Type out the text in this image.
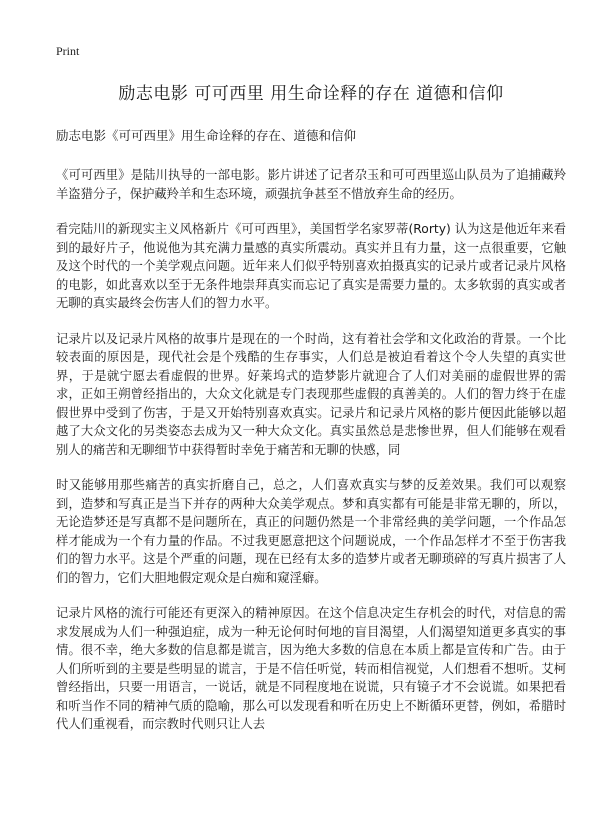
Print
励志电影 可可西里 用生命诠释的存在 道德和信仰
励志电影《可可西里》用生命诠释的存在、道德和信仰

《可可西里》是陆川执导的一部电影。影片讲述了记者尕玉和可可西里巡山队员为了追捕藏羚羊盗猎分子，保护藏羚羊和生态环境，顽强抗争甚至不惜放弃生命的经历。

看完陆川的新现实主义风格新片《可可西里》，美国哲学名家罗蒂(Rorty) 认为这是他近年来看到的最好片子，他说他为其充满力量感的真实所震动。真实并且有力量，这一点很重要，它触及这个时代的一个美学观点问题。近年来人们似乎特别喜欢拍摄真实的记录片或者记录片风格的电影，如此喜欢以至于无条件地崇拜真实而忘记了真实是需要力量的。太多软弱的真实或者无聊的真实最终会伤害人们的智力水平。

记录片以及记录片风格的故事片是现在的一个时尚，这有着社会学和文化政治的背景。一个比较表面的原因是，现代社会是个残酷的生存事实，人们总是被迫看着这个令人失望的真实世界，于是就宁愿去看虚假的世界。好莱坞式的造梦影片就迎合了人们对美丽的虚假世界的需求，正如王朔曾经指出的，大众文化就是专门表现那些虚假的真善美的。人们的智力终于在虚假世界中受到了伤害，于是又开始特别喜欢真实。记录片和记录片风格的影片便因此能够以超越了大众文化的另类姿态去成为又一种大众文化。真实虽然总是悲惨世界，但人们能够在观看别人的痛苦和无聊细节中获得暂时幸免于痛苦和无聊的快感，同

时又能够用那些痛苦的真实折磨自己，总之，人们喜欢真实与梦的反差效果。我们可以观察到，造梦和写真正是当下并存的两种大众美学观点。梦和真实都有可能是非常无聊的，所以，无论造梦还是写真都不是问题所在，真正的问题仍然是一个非常经典的美学问题，一个作品怎样才能成为一个有力量的作品。不过我更愿意把这个问题说成，一个作品怎样才不至于伤害我们的智力水平。这是个严重的问题，现在已经有太多的造梦片或者无聊琐碎的写真片损害了人们的智力，它们大胆地假定观众是白痴和窥淫癖。

记录片风格的流行可能还有更深入的精神原因。在这个信息决定生存机会的时代，对信息的需求发展成为人们一种强迫症，成为一种无论何时何地的盲目渴望，人们渴望知道更多真实的事情。很不幸，绝大多数的信息都是谎言，因为绝大多数的信息在本质上都是宣传和广告。由于人们所听到的主要是些明显的谎言，于是不信任听觉，转而相信视觉，人们想看不想听。艾柯曾经指出，只要一用语言，一说话，就是不同程度地在说谎，只有镜子才不会说谎。如果把看和听当作不同的精神气质的隐喻，那么可以发现看和听在历史上不断循环更替，例如，希腊时代人们重视看，而宗教时代则只让人去
